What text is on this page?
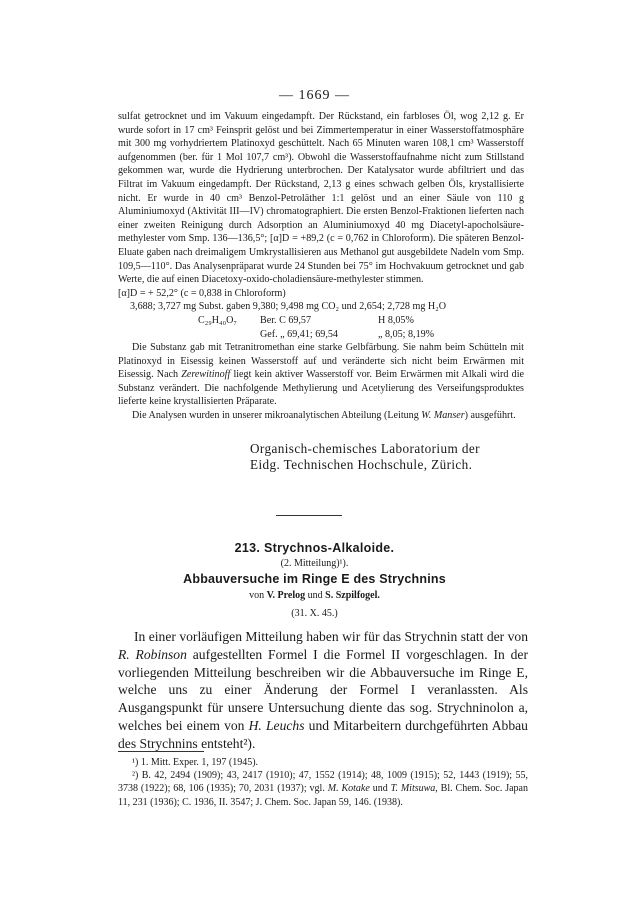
— 1669 —

sulfat getrocknet und im Vakuum eingedampft. Der Rückstand, ein farbloses Öl, wog 2,12 g. Er wurde sofort in 17 cm³ Feinsprit gelöst und bei Zimmertemperatur in einer Wasserstoffatmosphäre mit 300 mg vorhydriertem Platinoxyd geschüttelt. Nach 65 Minuten waren 108,1 cm³ Wasserstoff aufgenommen (ber. für 1 Mol 107,7 cm³). Obwohl die Wasserstoffaufnahme nicht zum Stillstand gekommen war, wurde die Hydrierung unterbrochen. Der Katalysator wurde abfiltriert und das Filtrat im Vakuum eingedampft. Der Rückstand, 2,13 g eines schwach gelben Öls, krystallisierte nicht. Er wurde in 40 cm³ Benzol-Petroläther 1:1 gelöst und an einer Säule von 110 g Aluminiumoxyd (Aktivität III—IV) chromatographiert. Die ersten Benzol-Fraktionen lieferten nach einer zweiten Reinigung durch Adsorption an Aluminiumoxyd 40 mg Diacetyl-apocholsäure-methylester vom Smp. 136—136,5°; [α]D = +89,2 (c = 0,762 in Chloroform). Die späteren Benzol-Eluate gaben nach dreimaligem Umkrystallisieren aus Methanol gut ausgebildete Nadeln vom Smp. 109,5—110°. Das Analysenpräparat wurde 24 Stunden bei 75° im Hochvakuum getrocknet und gab Werte, die auf einen Diacetoxy-oxido-choladiensäure-methylester stimmen.

[α]D = + 52,2° (c = 0,838 in Chloroform)

3,688; 3,727 mg Subst. gaben 9,380; 9,498 mg CO₂ und 2,654; 2,728 mg H₂O

C₂₉H₄₀O₇ Ber. C 69,57	H 8,05%

Gef. „ 69,41; 69,54	„ 8,05; 8,19%

Die Substanz gab mit Tetranitromethan eine starke Gelbfärbung. Sie nahm beim Schütteln mit Platinoxyd in Eisessig keinen Wasserstoff auf und veränderte sich nicht beim Erwärmen mit Eisessig. Nach Zerewitinoff liegt kein aktiver Wasserstoff vor. Beim Erwärmen mit Alkali wird die Substanz verändert. Die nachfolgende Methylierung und Acetylierung des Verseifungsproduktes lieferte keine krystallisierten Präparate.

Die Analysen wurden in unserer mikroanalytischen Abteilung (Leitung W. Manser) ausgeführt.

Organisch-chemisches Laboratorium der
Eidg. Technischen Hochschule, Zürich.
213. Strychnos-Alkaloide.
(2. Mitteilung)¹).
Abbauversuche im Ringe E des Strychnins
von V. Prelog und S. Szpilfogel.
(31. X. 45.)

In einer vorläufigen Mitteilung haben wir für das Strychnin statt der von R. Robinson aufgestellten Formel I die Formel II vorgeschlagen. In der vorliegenden Mitteilung beschreiben wir die Abbauversuche im Ringe E, welche uns zu einer Änderung der Formel I veranlassten. Als Ausgangspunkt für unsere Untersuchung diente das sog. Strychninolon a, welches bei einem von H. Leuchs und Mitarbeitern durchgeführten Abbau des Strychnins entsteht²).

¹) 1. Mitt. Exper. 1, 197 (1945).

²) B. 42, 2494 (1909); 43, 2417 (1910); 47, 1552 (1914); 48, 1009 (1915); 52, 1443 (1919); 55, 3738 (1922); 68, 106 (1935); 70, 2031 (1937); vgl. M. Kotake und T. Mitsuwa, Bl. Chem. Soc. Japan 11, 231 (1936); C. 1936, II. 3547; J. Chem. Soc. Japan 59, 146. (1938).
